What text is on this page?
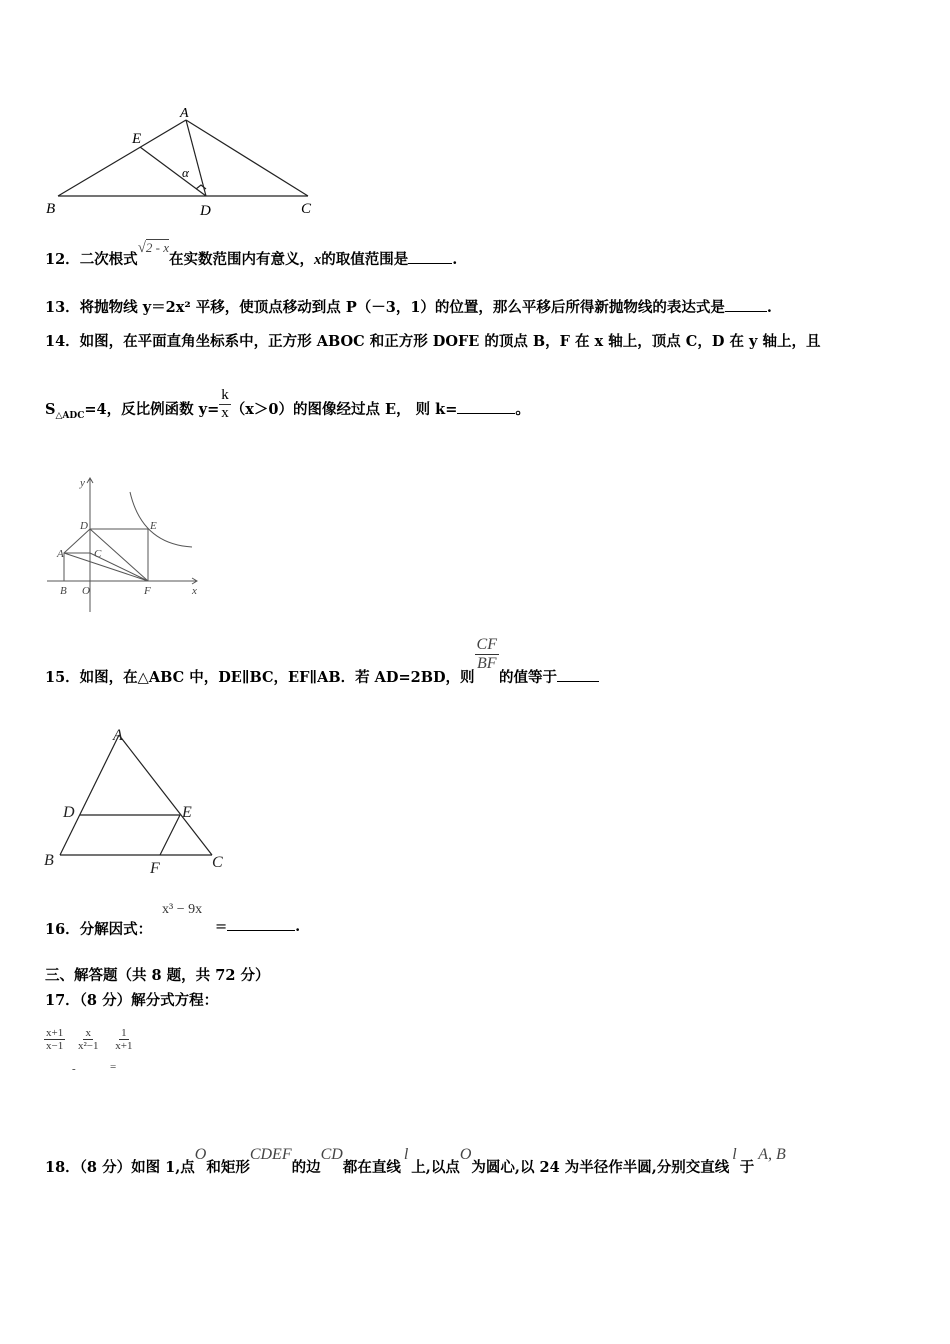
A
E
B	D	C
α
12．二次根式√2 - x在实数范围内有意义，x的取值范围是	.
13．将抛物线 y＝2x² 平移，使顶点移动到点 P（－3，1）的位置，那么平移后所得新抛物线的表达式是	.
14．如图，在平面直角坐标系中，正方形 ABOC 和正方形 DOFE 的顶点 B，F 在 x 轴上，顶点 C，D 在 y 轴上，且
$S_{\triangle ADC}=4$，反比例函数 $y= \frac{k}{x} (x>0)$的图像经过点 E， 则 k=	。
y
x
D	E
A	C
B O	F
15．如图，在△ABC 中，DE∥BC，EF∥AB．若 AD=2BD，则
$\frac{CF}{BF}$
的值等于
A
D	E
B	F	C
16．分解因式：
x³ − 9x
=	.
三、解答题（共 8 题，共 72 分）
17．（8 分）解分式方程：
$\frac{x+1}{x-1}$
$\frac{x}{\text{x²−1}}$
$\frac{1}{x+1}$
-	=
18．（8 分）如图 1,点O和矩形CDEF的边CD都在直线l上,以点O为圆心,以 24 为半径作半圆,分别交直线l于A, B
